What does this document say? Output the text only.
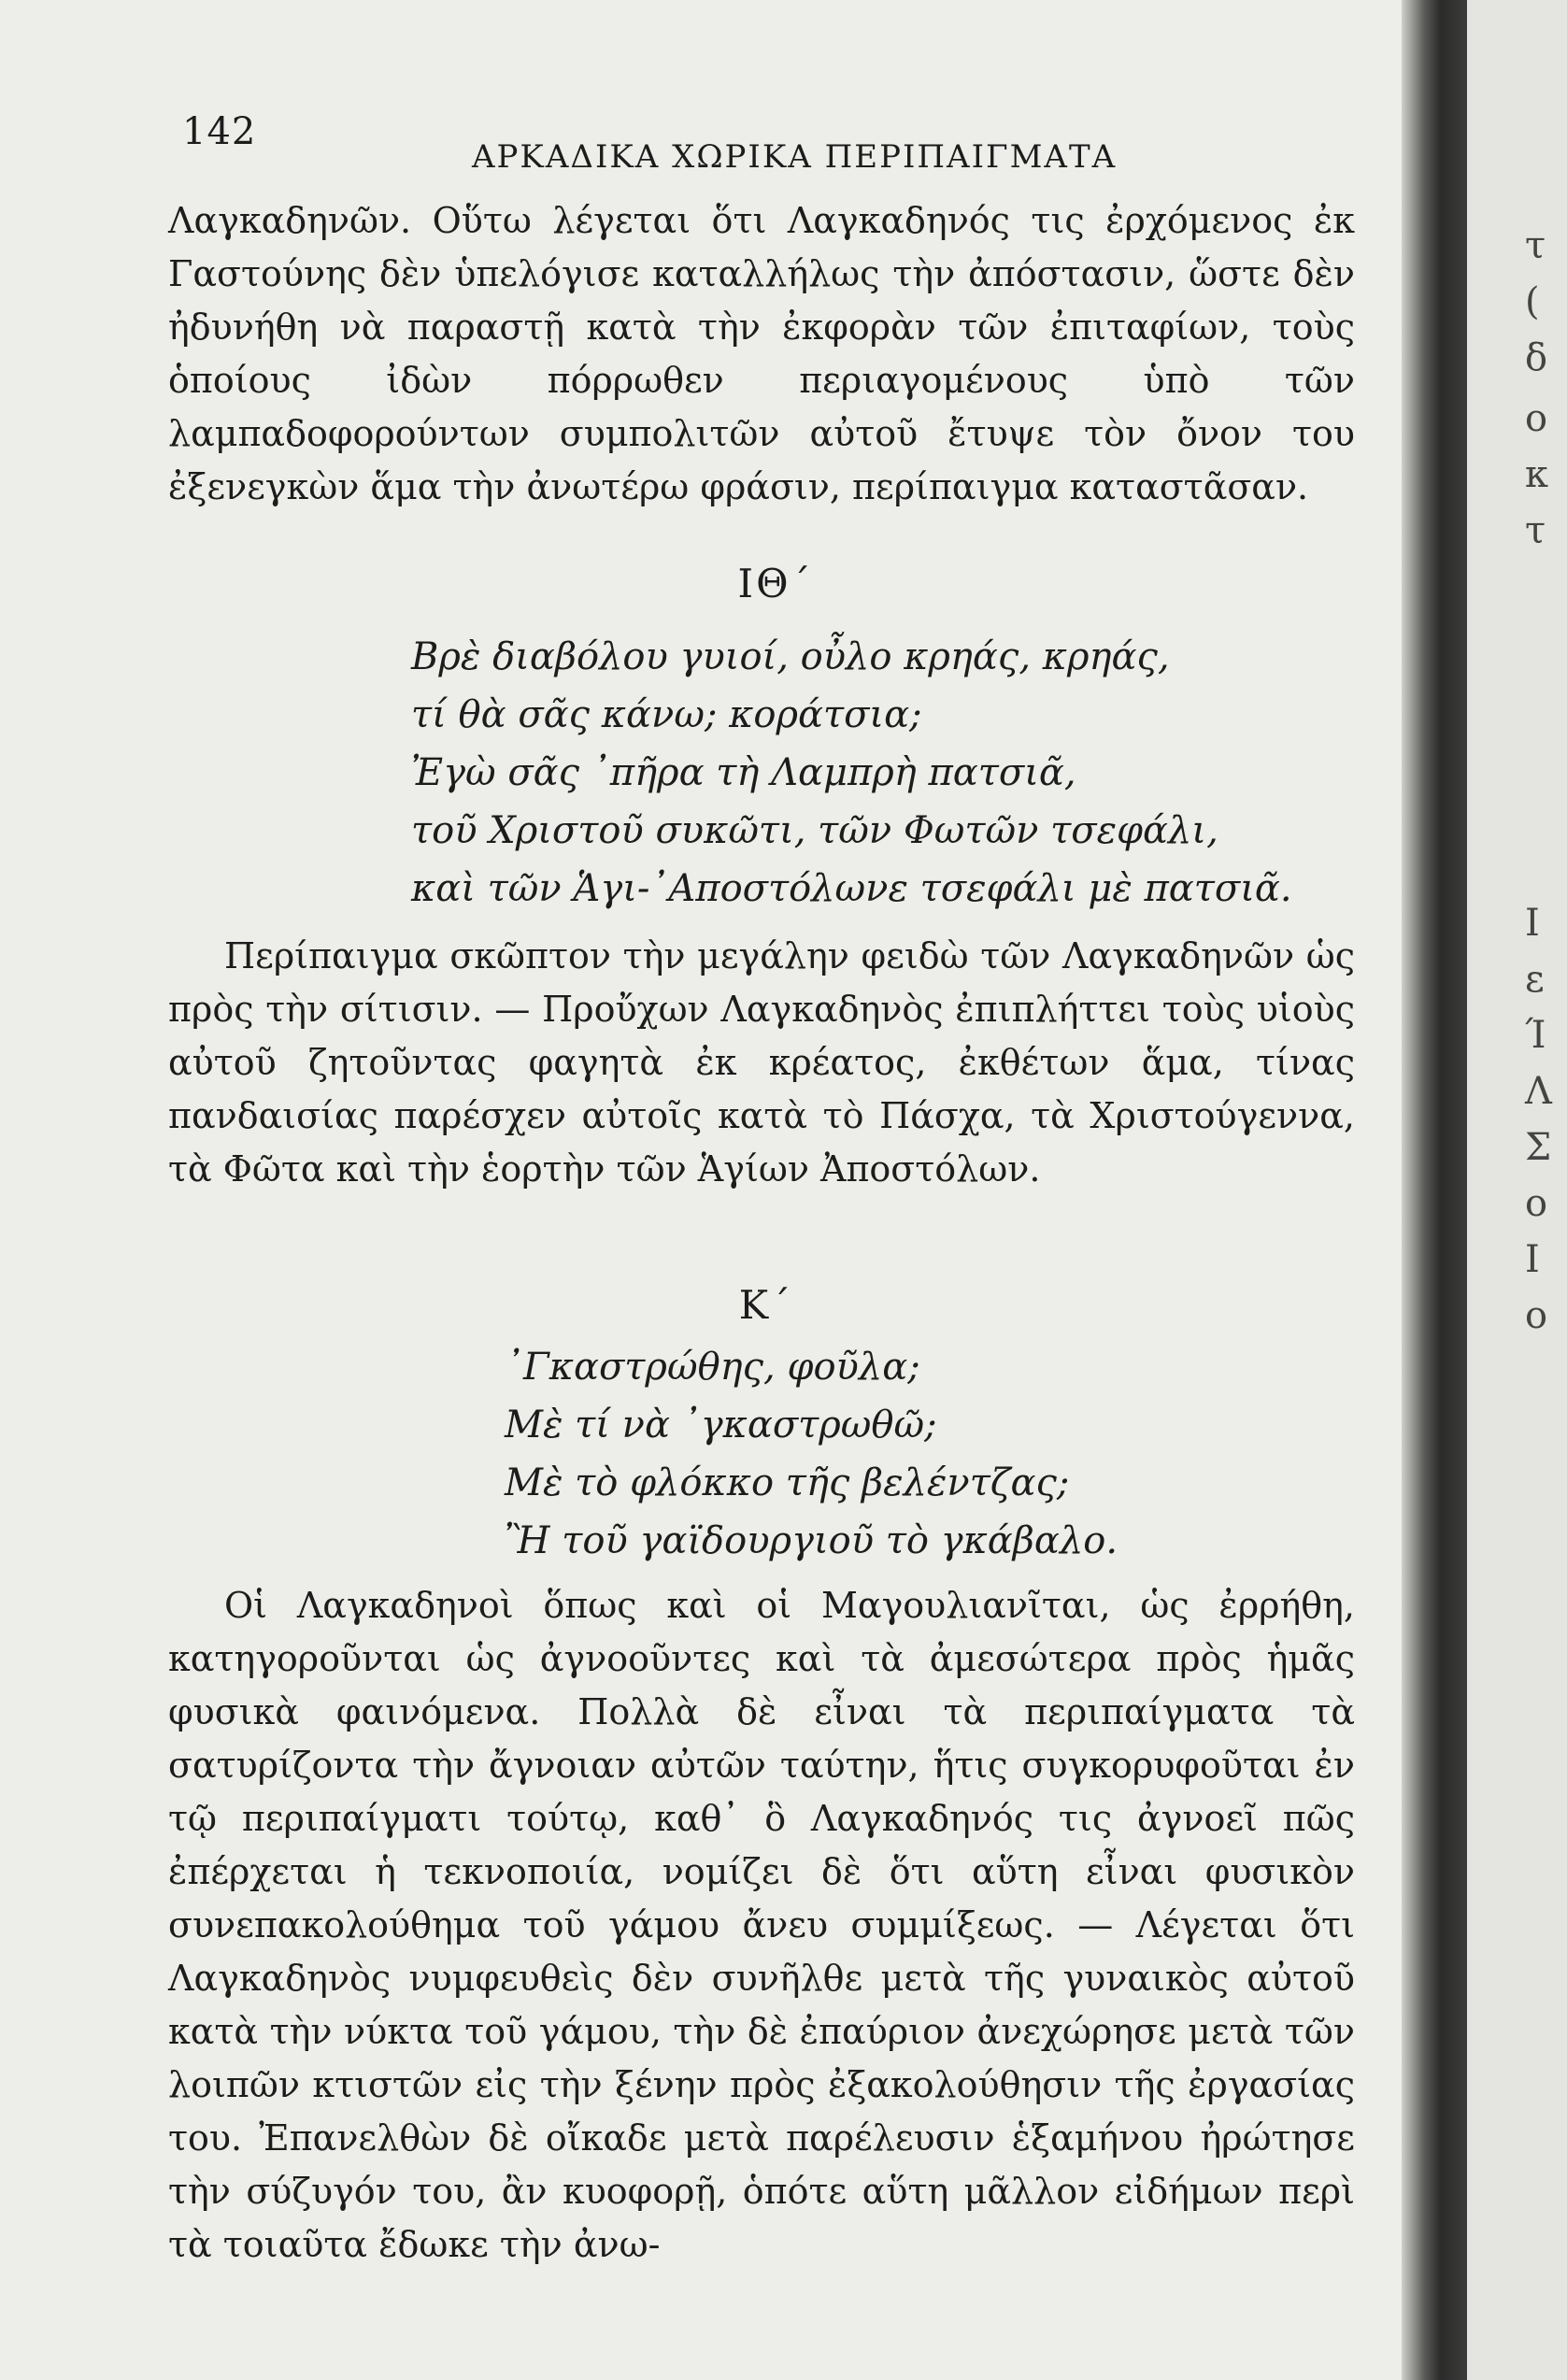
142
ΑΡΚΑΔΙΚΑ ΧΩΡΙΚΑ ΠΕΡΙΠΑΙΓΜΑΤΑ

Λαγκαδηνῶν. Οὕτω λέγεται ὅτι Λαγκαδηνός τις ἐρχόμενος ἐκ Γαστούνης δὲν ὑπελόγισε καταλλήλως τὴν ἀπόστασιν, ὥστε δὲν ἠδυνήθη νὰ παραστῇ κατὰ τὴν ἐκφορὰν τῶν ἐπιταφίων, τοὺς ὁποίους ἰδὼν πόρρωθεν περιαγομένους ὑπὸ τῶν λαμπαδοφορούντων συμπολιτῶν αὐτοῦ ἔτυψε τὸν ὄνον του ἐξενεγκὼν ἅμα τὴν ἀνωτέρω φράσιν, περίπαιγμα καταστᾶσαν.

ΙΘ΄
Βρὲ διαβόλου γυιοί, οὖλο κρηάς, κρηάς,
τί θὰ σᾶς κάνω; κοράτσια;
Ἐγὼ σᾶς ᾿πῆρα τὴ Λαμπρὴ πατσιᾶ,
τοῦ Χριστοῦ συκῶτι, τῶν Φωτῶν τσεφάλι,
καὶ τῶν Ἁγι-᾿Αποστόλωνε τσεφάλι μὲ πατσιᾶ.

Περίπαιγμα σκῶπτον τὴν μεγάλην φειδὼ τῶν Λαγκαδηνῶν ὡς πρὸς τὴν σίτισιν. — Προὔχων Λαγκαδηνὸς ἐπιπλήττει τοὺς υἱοὺς αὐτοῦ ζητοῦντας φαγητὰ ἐκ κρέατος, ἐκθέτων ἅμα, τίνας πανδαισίας παρέσχεν αὐτοῖς κατὰ τὸ Πάσχα, τὰ Χριστούγεννα, τὰ Φῶτα καὶ τὴν ἑορτὴν τῶν Ἁγίων Ἀποστόλων.

Κ΄
᾿Γκαστρώθης, φοῦλα;
Μὲ τί νὰ ᾿γκαστρωθῶ;
Μὲ τὸ φλόκκο τῆς βελέντζας;
Ἢ τοῦ γαϊδουργιοῦ τὸ γκάβαλο.

Οἱ Λαγκαδηνοὶ ὅπως καὶ οἱ Μαγουλιανῖται, ὡς ἐρρήθη, κατηγοροῦνται ὡς ἀγνοοῦντες καὶ τὰ ἀμεσώτερα πρὸς ἡμᾶς φυσικὰ φαινόμενα. Πολλὰ δὲ εἶναι τὰ περιπαίγματα τὰ σατυρίζοντα τὴν ἄγνοιαν αὐτῶν ταύτην, ἥτις συγκορυφοῦται ἐν τῷ περιπαίγματι τούτῳ, καθ᾿ ὃ Λαγκαδηνός τις ἀγνοεῖ πῶς ἐπέρχεται ἡ τεκνοποιία, νομίζει δὲ ὅτι αὕτη εἶναι φυσικὸν συνεπακολούθημα τοῦ γάμου ἄνευ συμμίξεως. — Λέγεται ὅτι Λαγκαδηνὸς νυμφευθεὶς δὲν συνῆλθε μετὰ τῆς γυναικὸς αὐτοῦ κατὰ τὴν νύκτα τοῦ γάμου, τὴν δὲ ἐπαύριον ἀνεχώρησε μετὰ τῶν λοιπῶν κτιστῶν εἰς τὴν ξένην πρὸς ἐξακολούθησιν τῆς ἐργασίας του. Ἐπανελθὼν δὲ οἴκαδε μετὰ παρέλευσιν ἑξαμήνου ἠρώτησε τὴν σύζυγόν του, ἂν κυοφορῇ, ὁπότε αὕτη μᾶλλον εἰδήμων περὶ τὰ τοιαῦτα ἔδωκε τὴν ἀνω-

τ
(
δ
ο
κ
τ
Ι
ε
Ί
Λ
Σ
ο
Ι
ο
